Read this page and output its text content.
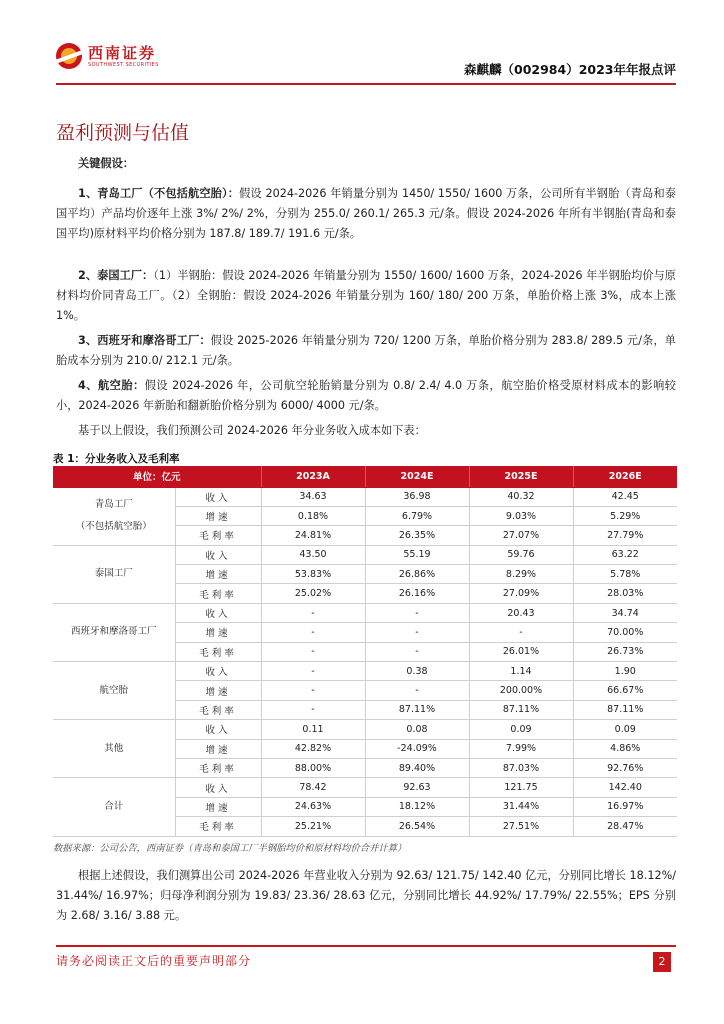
西南证券
SOUTHWEST SECURITIES	森麒麟（002984）2023年年报点评
盈利预测与估值
关键假设：
1、青岛工厂（不包括航空胎）：假设 2024-2026 年销量分别为 1450/ 1550/ 1600 万条，公司所有半钢胎（青岛和泰国平均）产品均价逐年上涨 3%/ 2%/ 2%，分别为 255.0/ 260.1/ 265.3 元/条。假设 2024-2026 年所有半钢胎(青岛和泰国平均)原材料平均价格分别为 187.8/ 189.7/ 191.6 元/条。
2、泰国工厂：（1）半钢胎：假设 2024-2026 年销量分别为 1550/ 1600/ 1600 万条，2024-2026 年半钢胎均价与原材料均价同青岛工厂。（2）全钢胎：假设 2024-2026 年销量分别为 160/ 180/ 200 万条，单胎价格上涨 3%，成本上涨 1%。
3、西班牙和摩洛哥工厂：假设 2025-2026 年销量分别为 720/ 1200 万条，单胎价格分别为 283.8/ 289.5 元/条，单胎成本分别为 210.0/ 212.1 元/条。
4、航空胎：假设 2024-2026 年，公司航空轮胎销量分别为 0.8/ 2.4/ 4.0 万条，航空胎价格受原材料成本的影响较小，2024-2026 年新胎和翻新胎价格分别为 6000/ 4000 元/条。
基于以上假设，我们预测公司 2024-2026 年分业务收入成本如下表：
表 1：分业务收入及毛利率
单位：亿元		2023A	2024E	2025E	2026E

青岛工厂
（不包括航空胎）	收入	34.63	36.98	40.32	42.45
	增速	0.18%	6.79%	9.03%	5.29%
	毛利率	24.81%	26.35%	27.07%	27.79%

泰国工厂	收入	43.50	55.19	59.76	63.22
	增速	53.83%	26.86%	8.29%	5.78%
	毛利率	25.02%	26.16%	27.09%	28.03%

西班牙和摩洛哥工厂	收入	-	-	20.43	34.74
	增速	-	-	-	70.00%
	毛利率	-	-	26.01%	26.73%

航空胎	收入	-	0.38	1.14	1.90
	增速	-	-	200.00%	66.67%
	毛利率	-	87.11%	87.11%	87.11%

其他	收入	0.11	0.08	0.09	0.09
	增速	42.82%	-24.09%	7.99%	4.86%
	毛利率	88.00%	89.40%	87.03%	92.76%

合计	收入	78.42	92.63	121.75	142.40
	增速	24.63%	18.12%	31.44%	16.97%
	毛利率	25.21%	26.54%	27.51%	28.47%
数据来源：公司公告，西南证券（青岛和泰国工厂半钢胎均价和原材料均价合并计算）
根据上述假设，我们测算出公司 2024-2026 年营业收入分别为 92.63/ 121.75/ 142.40 亿元，分别同比增长 18.12%/ 31.44%/ 16.97%；归母净利润分别为 19.83/ 23.36/ 28.63 亿元，分别同比增长 44.92%/ 17.79%/ 22.55%；EPS 分别为 2.68/ 3.16/ 3.88 元。
请务必阅读正文后的重要声明部分	2
